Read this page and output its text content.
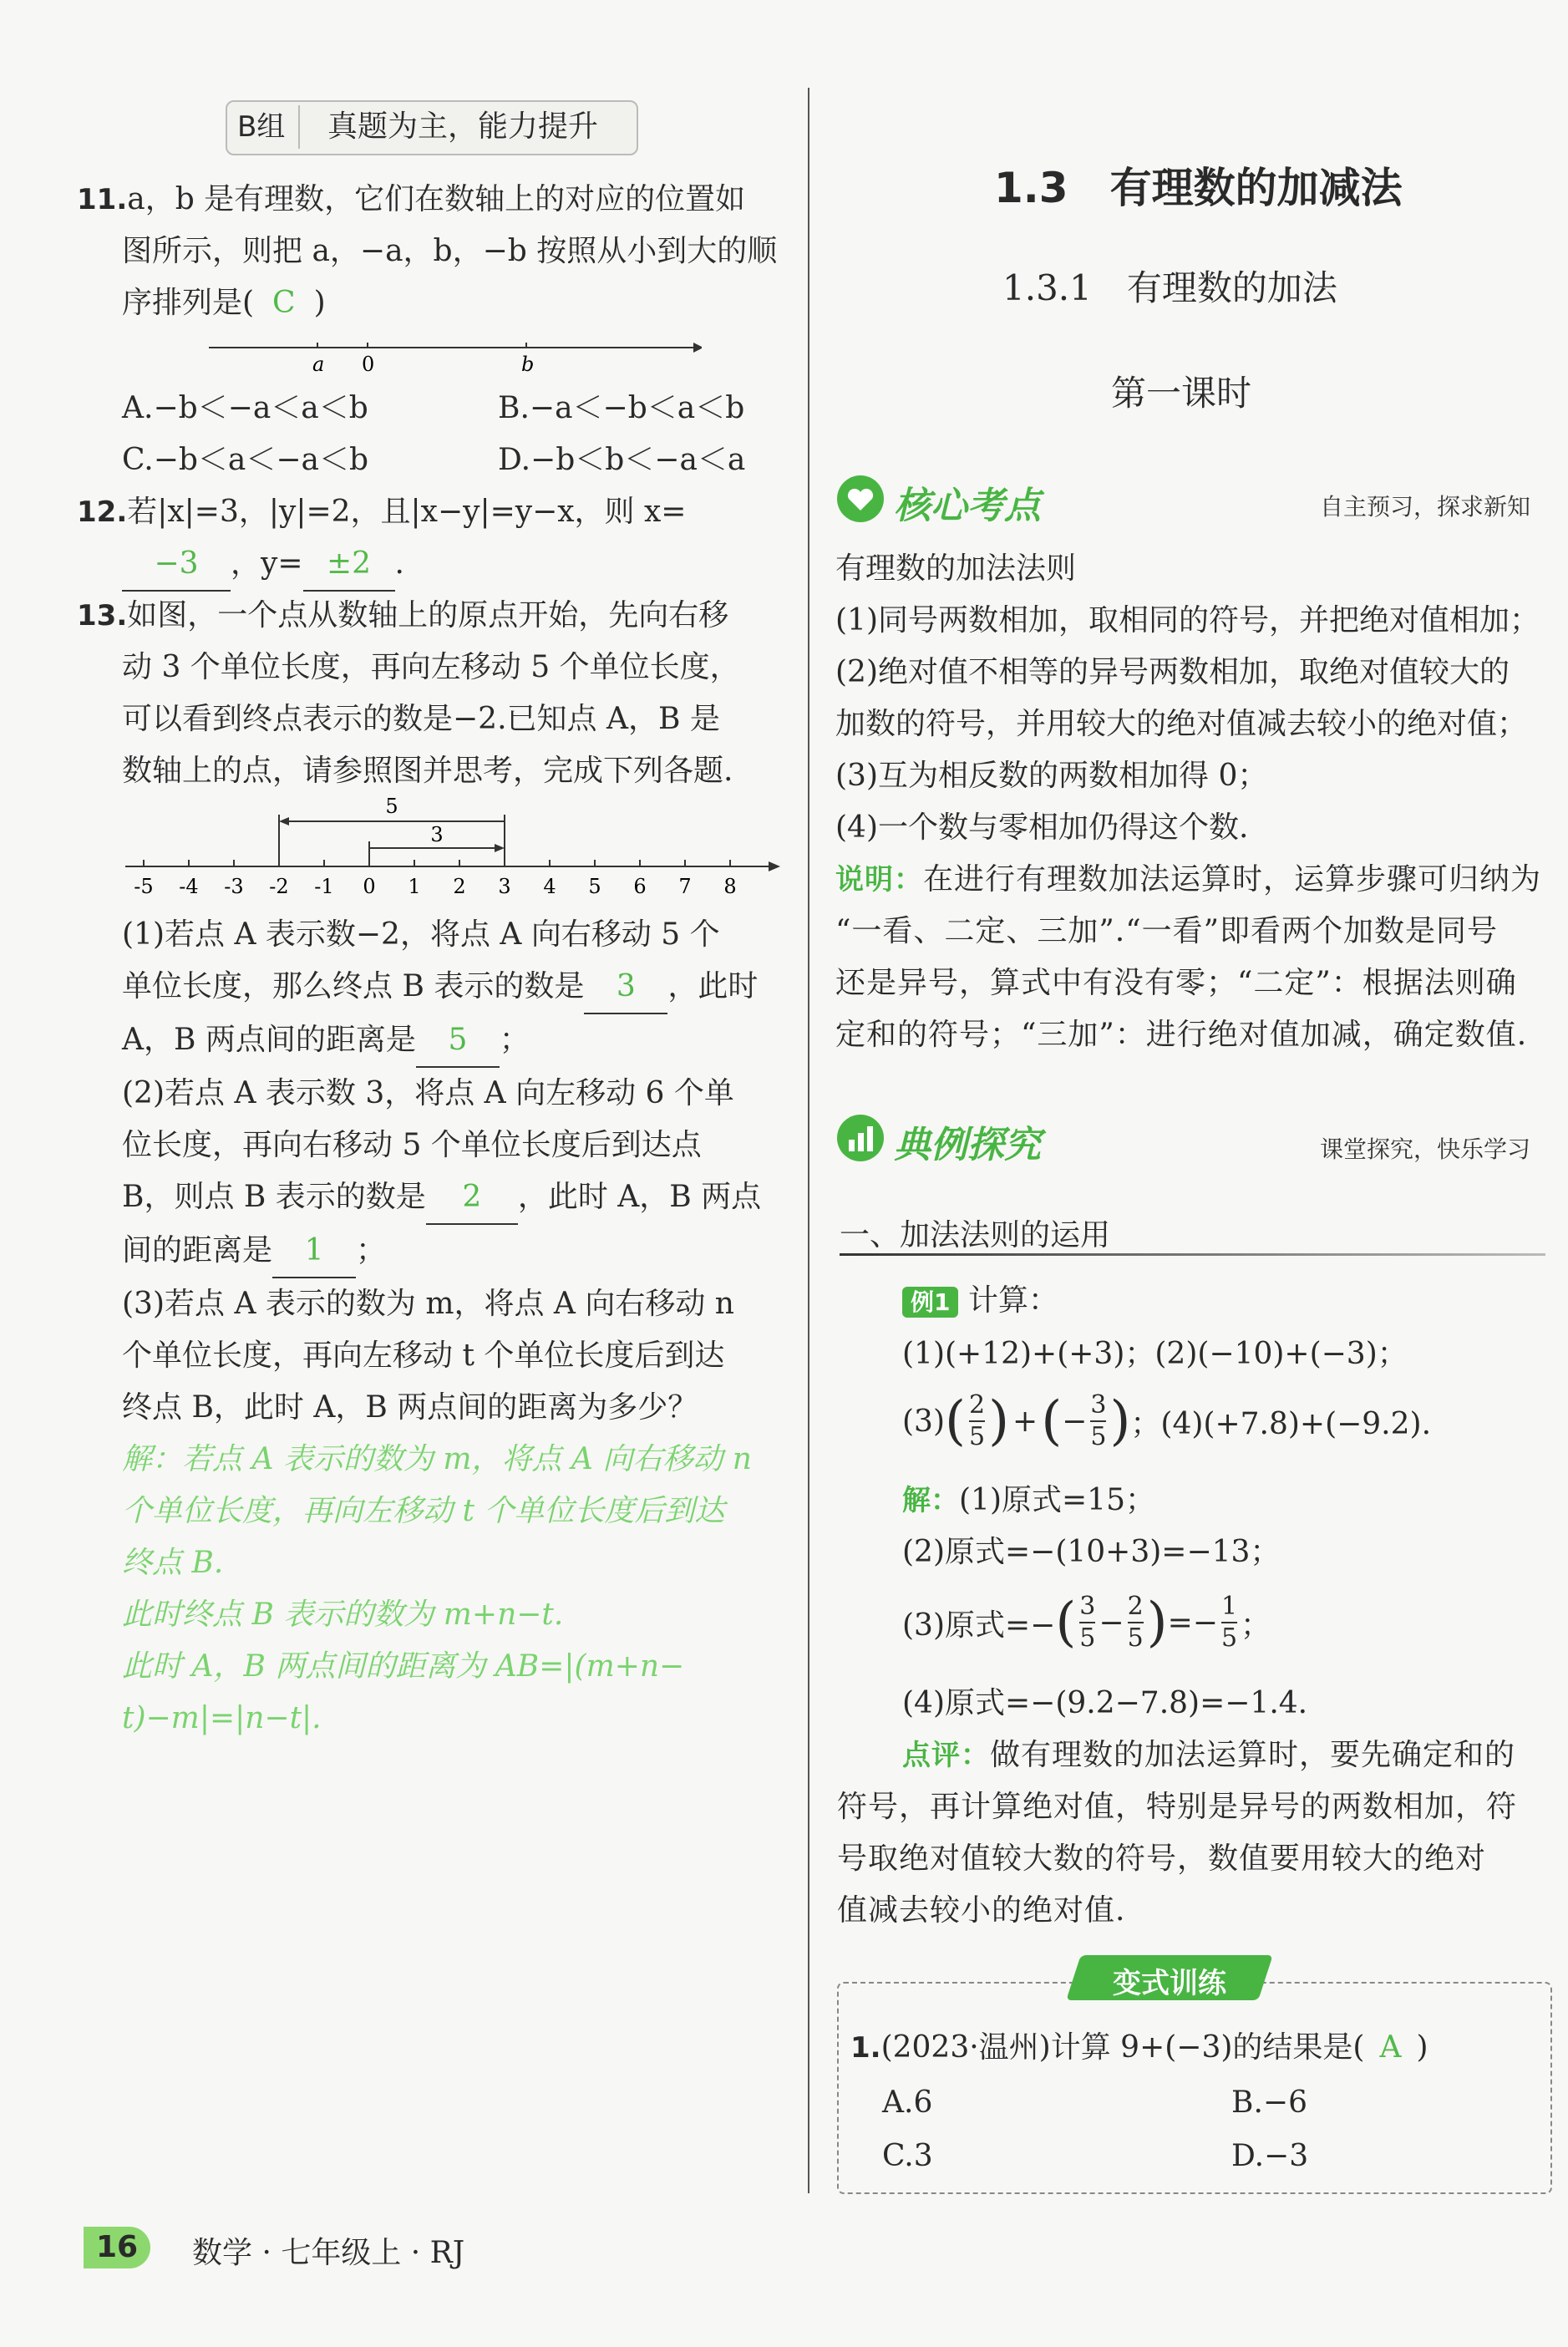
B组	真题为主，能力提升
11.a，b 是有理数，它们在数轴上的对应的位置如
图所示，则把 a，−a，b，−b 按照从小到大的顺
序排列是( C )
a 0	b
A.−b＜−a＜a＜b	B.−a＜−b＜a＜b
C.−b＜a＜−a＜b	D.−b＜b＜−a＜a
12.若|x|=3，|y|=2，且|x−y|=y−x，则 x=
−3 ，y= ±2 .
13.如图，一个点从数轴上的原点开始，先向右移
动 3 个单位长度，再向左移动 5 个单位长度，
可以看到终点表示的数是−2.已知点 A，B 是
数轴上的点，请参照图并思考，完成下列各题.
-5 -4 -3 -2 -1 0 1 2 3 4 5 6 7 8
5
3
(1)若点 A 表示数−2，将点 A 向右移动 5 个
单位长度，那么终点 B 表示的数是 3 ，此时
A，B 两点间的距离是 5 ；
(2)若点 A 表示数 3，将点 A 向左移动 6 个单
位长度，再向右移动 5 个单位长度后到达点
B，则点 B 表示的数是 2 ，此时 A，B 两点
间的距离是 1 ；
(3)若点 A 表示的数为 m，将点 A 向右移动 n
个单位长度，再向左移动 t 个单位长度后到达
终点 B，此时 A，B 两点间的距离为多少？
解：若点 A 表示的数为 m，将点 A 向右移动 n
个单位长度，再向左移动 t 个单位长度后到达
终点 B.
此时终点 B 表示的数为 m+n−t.
此时 A，B 两点间的距离为 AB=|(m+n−
t)−m|=|n−t|.
1.3　有理数的加减法
1.3.1　有理数的加法
第一课时
核心考点	自主预习，探求新知
有理数的加法法则
(1)同号两数相加，取相同的符号，并把绝对值相加；
(2)绝对值不相等的异号两数相加，取绝对值较大的
加数的符号，并用较大的绝对值减去较小的绝对值；
(3)互为相反数的两数相加得 0；
(4)一个数与零相加仍得这个数.
说明：在进行有理数加法运算时，运算步骤可归纳为
“一看、二定、三加”.“一看”即看两个加数是同号
还是异号，算式中有没有零；“二定”：根据法则确
定和的符号；“三加”：进行绝对值加减，确定数值.
典例探究	课堂探究，快乐学习
一、加法法则的运用
例1 计算：
(1)(+12)+(+3)；(2)(−10)+(−3)；
(3) ( $\frac{2}{5}$ ) + ( − $\frac{3}{5}$ ) ；(4)(+7.8)+(−9.2).
解：(1)原式=15；
(2)原式=−(10+3)=−13；
(3)原式=− ( $\frac{3}{5} - \frac{2}{5}$ ) =− $\frac{1}{5}$ ；
(4)原式=−(9.2−7.8)=−1.4.
点评：做有理数的加法运算时，要先确定和的
符号，再计算绝对值，特别是异号的两数相加，符
号取绝对值较大数的符号，数值要用较大的绝对
值减去较小的绝对值.
变式训练
1.(2023·温州)计算 9+(−3)的结果是( A )
A.6	B.−6
C.3	D.−3
16	数学 · 七年级上 · RJ
